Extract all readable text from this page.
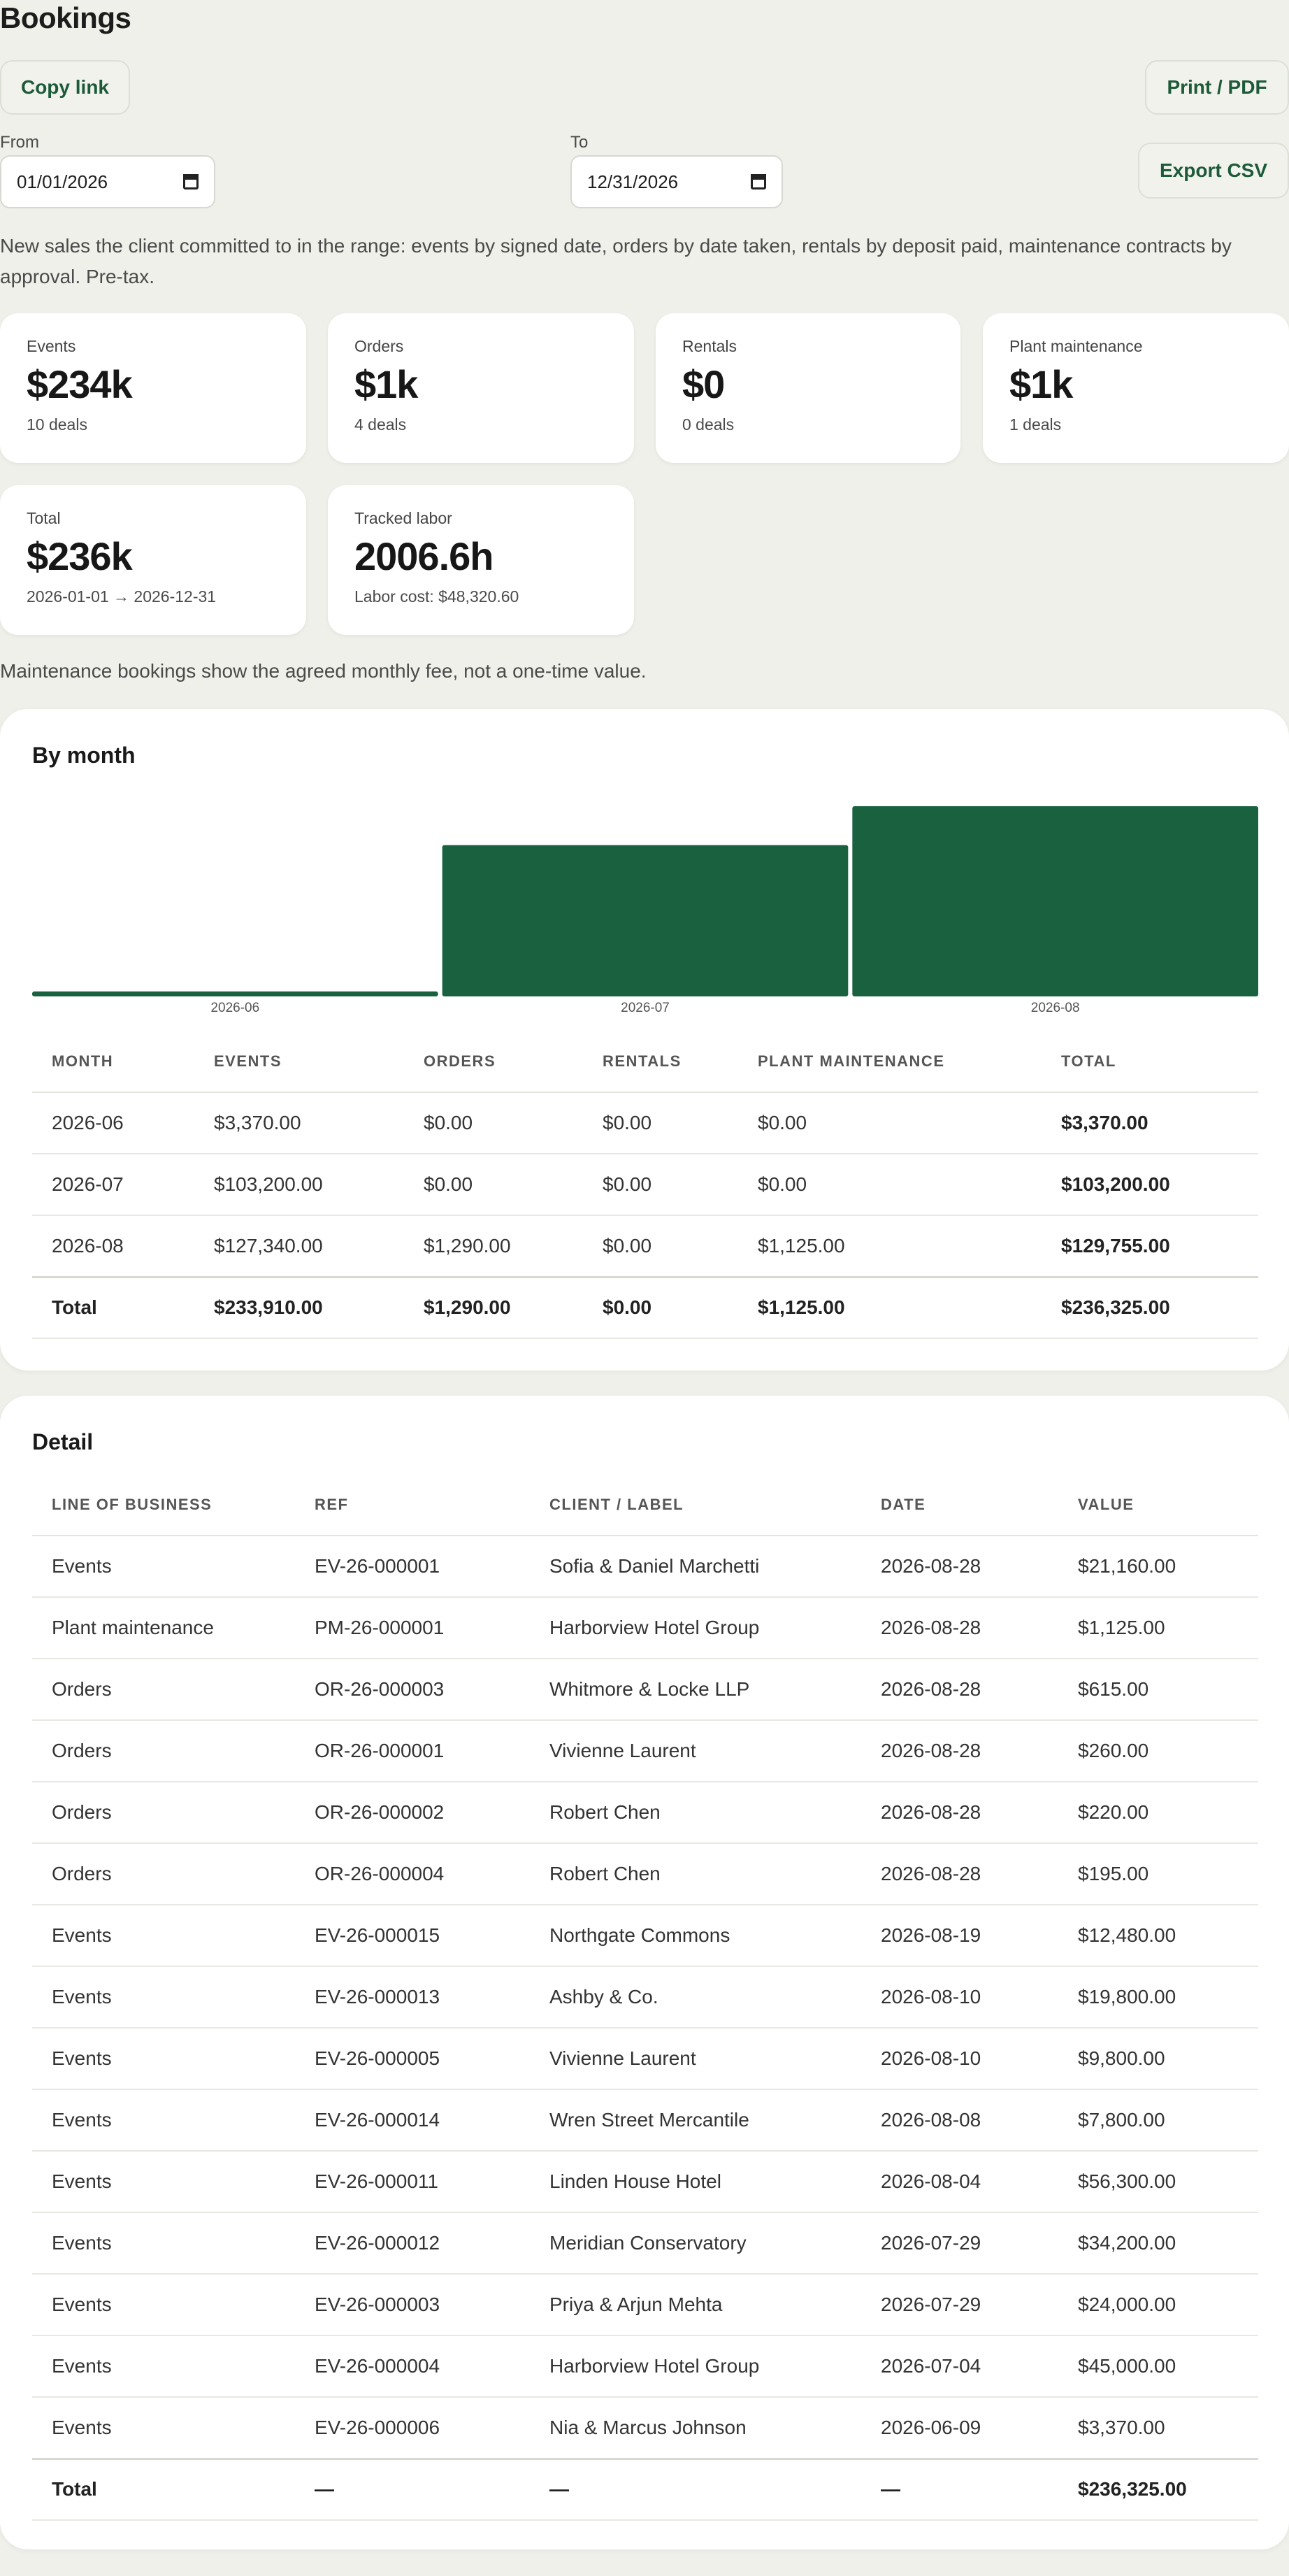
Bookings
Copy link	Print / PDF
Export CSV
From
01/01/2026
To
12/31/2026

New sales the client committed to in the range: events by signed date, orders by date taken, rentals by deposit paid, maintenance contracts by approval. Pre-tax.

Events
$234k
10 deals
Orders
$1k
4 deals
Rentals
$0
0 deals
Plant maintenance
$1k
1 deals
Total
$236k
2026-01-01 → 2026-12-31
Tracked labor
2006.6h
Labor cost: $48,320.60

Maintenance bookings show the agreed monthly fee, not a one-time value.

By month
2026-06	2026-07	2026-08
MONTH	EVENTS	ORDERS	RENTALS	PLANT MAINTENANCE	TOTAL
2026-06	$3,370.00	$0.00	$0.00	$0.00	$3,370.00
2026-07	$103,200.00	$0.00	$0.00	$0.00	$103,200.00
2026-08	$127,340.00	$1,290.00	$0.00	$1,125.00	$129,755.00
Total	$233,910.00	$1,290.00	$0.00	$1,125.00	$236,325.00
Detail
LINE OF BUSINESS	REF	CLIENT / LABEL	DATE	VALUE
Events	EV-26-000001	Sofia & Daniel Marchetti	2026-08-28	$21,160.00
Plant maintenance	PM-26-000001	Harborview Hotel Group	2026-08-28	$1,125.00
Orders	OR-26-000003	Whitmore & Locke LLP	2026-08-28	$615.00
Orders	OR-26-000001	Vivienne Laurent	2026-08-28	$260.00
Orders	OR-26-000002	Robert Chen	2026-08-28	$220.00
Orders	OR-26-000004	Robert Chen	2026-08-28	$195.00
Events	EV-26-000015	Northgate Commons	2026-08-19	$12,480.00
Events	EV-26-000013	Ashby & Co.	2026-08-10	$19,800.00
Events	EV-26-000005	Vivienne Laurent	2026-08-10	$9,800.00
Events	EV-26-000014	Wren Street Mercantile	2026-08-08	$7,800.00
Events	EV-26-000011	Linden House Hotel	2026-08-04	$56,300.00
Events	EV-26-000012	Meridian Conservatory	2026-07-29	$34,200.00
Events	EV-26-000003	Priya & Arjun Mehta	2026-07-29	$24,000.00
Events	EV-26-000004	Harborview Hotel Group	2026-07-04	$45,000.00
Events	EV-26-000006	Nia & Marcus Johnson	2026-06-09	$3,370.00
Total	—	—	—	$236,325.00
